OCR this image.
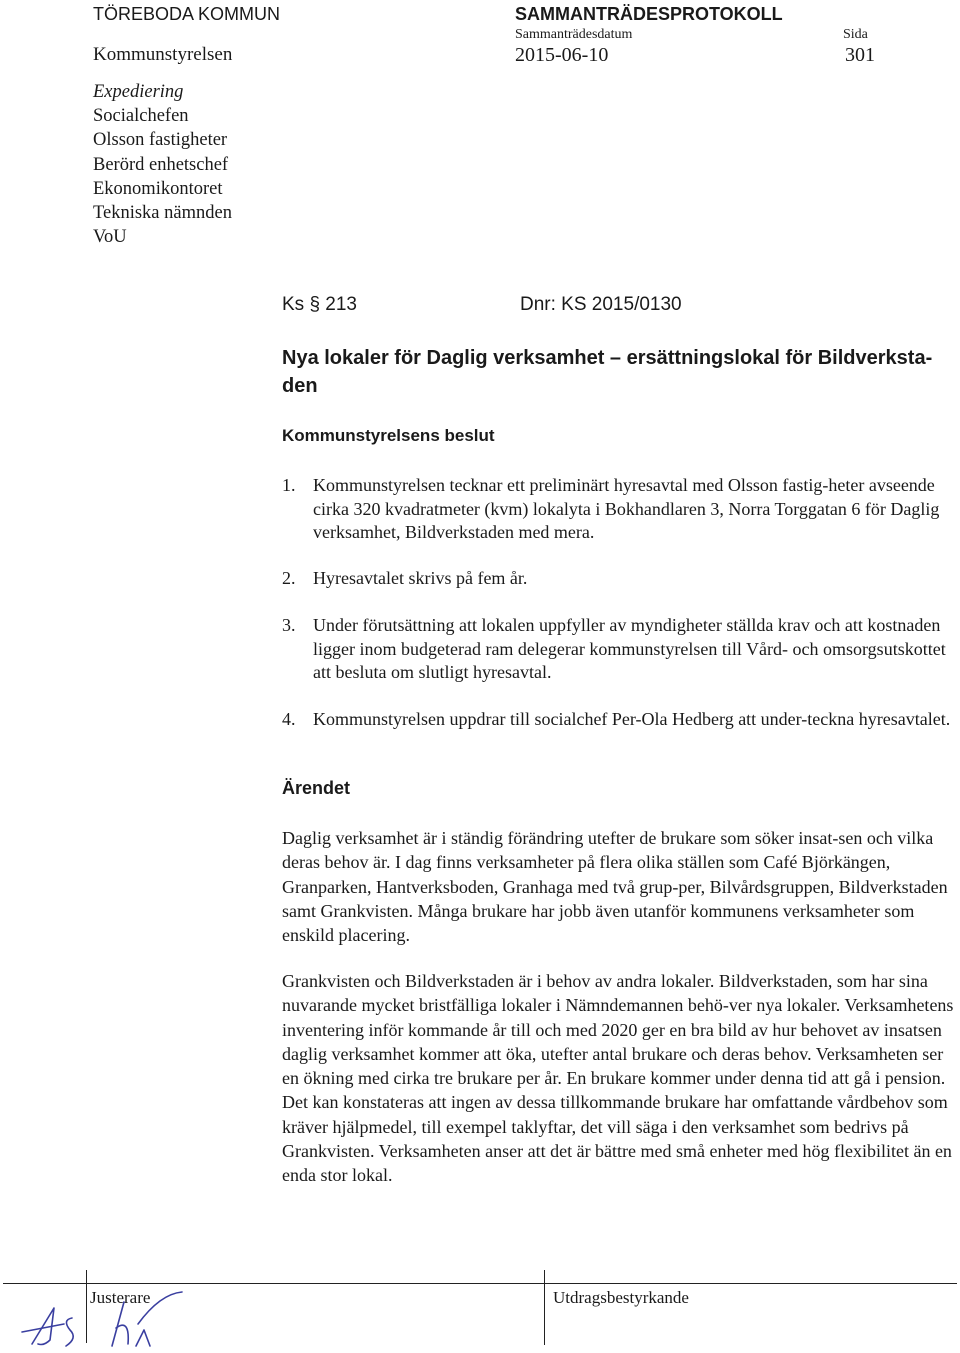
TÖREBODA KOMMUN
Kommunstyrelsen
SAMMANTRÄDESPROTOKOLL
Sammanträdesdatum
2015-06-10
Sida
301
Expediering
Socialchefen
Olsson fastigheter
Berörd enhetschef
Ekonomikontoret
Tekniska nämnden
VoU
Ks § 213	Dnr: KS 2015/0130
Nya lokaler för Daglig verksamhet – ersättningslokal för Bildverksta-den
Kommunstyrelsens beslut
1. Kommunstyrelsen tecknar ett preliminärt hyresavtal med Olsson fastig-heter avseende cirka 320 kvadratmeter (kvm) lokalyta i Bokhandlaren 3, Norra Torggatan 6 för Daglig verksamhet, Bildverkstaden med mera.
2. Hyresavtalet skrivs på fem år.
3. Under förutsättning att lokalen uppfyller av myndigheter ställda krav och att kostnaden ligger inom budgeterad ram delegerar kommunstyrelsen till Vård- och omsorgsutskottet att besluta om slutligt hyresavtal.
4. Kommunstyrelsen uppdrar till socialchef Per-Ola Hedberg att under-teckna hyresavtalet.
Ärendet
Daglig verksamhet är i ständig förändring utefter de brukare som söker insat-sen och vilka deras behov är. I dag finns verksamheter på flera olika ställen som Café Björkängen, Granparken, Hantverksboden, Granhaga med två grup-per, Bilvårdsgruppen, Bildverkstaden samt Grankvisten. Många brukare har jobb även utanför kommunens verksamheter som enskild placering.
Grankvisten och Bildverkstaden är i behov av andra lokaler. Bildverkstaden, som har sina nuvarande mycket bristfälliga lokaler i Nämndemannen behö-ver nya lokaler. Verksamhetens inventering inför kommande år till och med 2020 ger en bra bild av hur behovet av insatsen daglig verksamhet kommer att öka, utefter antal brukare och deras behov. Verksamheten ser en ökning med cirka tre brukare per år. En brukare kommer under denna tid att gå i pension. Det kan konstateras att ingen av dessa tillkommande brukare har omfattande vårdbehov som kräver hjälpmedel, till exempel taklyftar, det vill säga i den verksamhet som bedrivs på Grankvisten. Verksamheten anser att det är bättre med små enheter med hög flexibilitet än en enda stor lokal.
Justerare	Utdragsbestyrkande
